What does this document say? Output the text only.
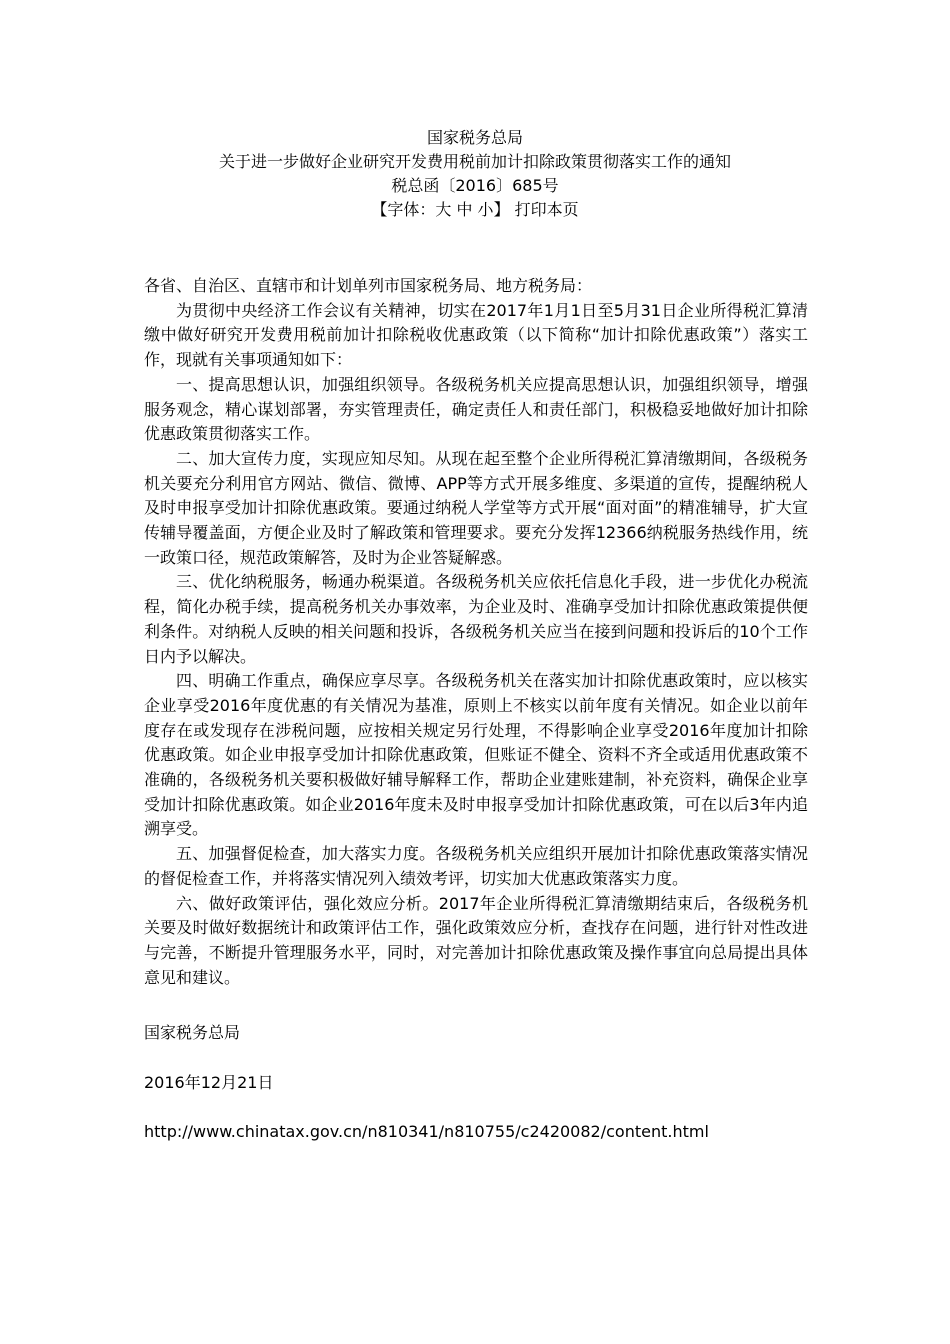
国家税务总局
关于进一步做好企业研究开发费用税前加计扣除政策贯彻落实工作的通知
税总函〔2016〕685号
【字体：大 中 小】 打印本页

各省、自治区、直辖市和计划单列市国家税务局、地方税务局：

为贯彻中央经济工作会议有关精神，切实在2017年1月1日至5月31日企业所得税汇算清缴中做好研究开发费用税前加计扣除税收优惠政策（以下简称“加计扣除优惠政策”）落实工作，现就有关事项通知如下：

一、提高思想认识，加强组织领导。各级税务机关应提高思想认识，加强组织领导，增强服务观念，精心谋划部署，夯实管理责任，确定责任人和责任部门，积极稳妥地做好加计扣除优惠政策贯彻落实工作。

二、加大宣传力度，实现应知尽知。从现在起至整个企业所得税汇算清缴期间，各级税务机关要充分利用官方网站、微信、微博、APP等方式开展多维度、多渠道的宣传，提醒纳税人及时申报享受加计扣除优惠政策。要通过纳税人学堂等方式开展“面对面”的精准辅导，扩大宣传辅导覆盖面，方便企业及时了解政策和管理要求。要充分发挥12366纳税服务热线作用，统一政策口径，规范政策解答，及时为企业答疑解惑。

三、优化纳税服务，畅通办税渠道。各级税务机关应依托信息化手段，进一步优化办税流程，简化办税手续，提高税务机关办事效率，为企业及时、准确享受加计扣除优惠政策提供便利条件。对纳税人反映的相关问题和投诉，各级税务机关应当在接到问题和投诉后的10个工作日内予以解决。

四、明确工作重点，确保应享尽享。各级税务机关在落实加计扣除优惠政策时，应以核实企业享受2016年度优惠的有关情况为基准，原则上不核实以前年度有关情况。如企业以前年度存在或发现存在涉税问题，应按相关规定另行处理，不得影响企业享受2016年度加计扣除优惠政策。如企业申报享受加计扣除优惠政策，但账证不健全、资料不齐全或适用优惠政策不准确的，各级税务机关要积极做好辅导解释工作，帮助企业建账建制，补充资料，确保企业享受加计扣除优惠政策。如企业2016年度未及时申报享受加计扣除优惠政策，可在以后3年内追溯享受。

五、加强督促检查，加大落实力度。各级税务机关应组织开展加计扣除优惠政策落实情况的督促检查工作，并将落实情况列入绩效考评，切实加大优惠政策落实力度。

六、做好政策评估，强化效应分析。2017年企业所得税汇算清缴期结束后，各级税务机关要及时做好数据统计和政策评估工作，强化政策效应分析，查找存在问题，进行针对性改进与完善，不断提升管理服务水平，同时，对完善加计扣除优惠政策及操作事宜向总局提出具体意见和建议。

国家税务总局
2016年12月21日
http://www.chinatax.gov.cn/n810341/n810755/c2420082/content.html
